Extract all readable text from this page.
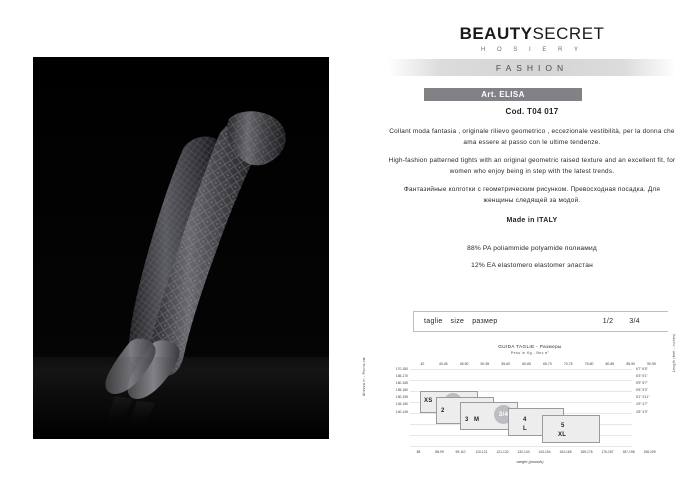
BEAUTYSECRET
H O S I E R Y
FASHION
Art. ELISA
Cod. T04 017
Collant moda fantasia , originale rilievo geometrico , eccezionale vestibilità, per la donna che ama essere al passo con le ultime tendenze.
High-fashion patterned tights with an original geometric raised texture and an excellent fit, for women who enjoy being in step with the latest trends.
Фантазийные колготки с геометрическим рисунком. Превосходная посадка. Для женщины следящей за модой.
Made in ITALY
88% PA poliammide polyamide полиамид
12% EA elastomero elastomer эластан
taglie size размер	1/2 3/4
GUIDA TAGLIE - Размеры
Peso in Kg - Вес в°
40	40-45	45-50	50-55	55-60	60-65	65-70	70-75	75-80	80-85	85-90	90-95
Altezza in - Росты см	170-180
165-170
160-165
155-160
150-155
145-150
140-145
Length (feet - inches)
6'7" 6'5"
6'3" 6'1"
5'9" 5'7"
5'5" 5'3"
5'1" 4'11"
4'9" 4'7"
4'5" 4'3"
XS
2
3 M
3/4
4
L	5
XL
88	88-99	99-110	110-121	121-132	132-143	143-154	154-165	165-176	176-187	187-198	198-209
weight (pounds)
